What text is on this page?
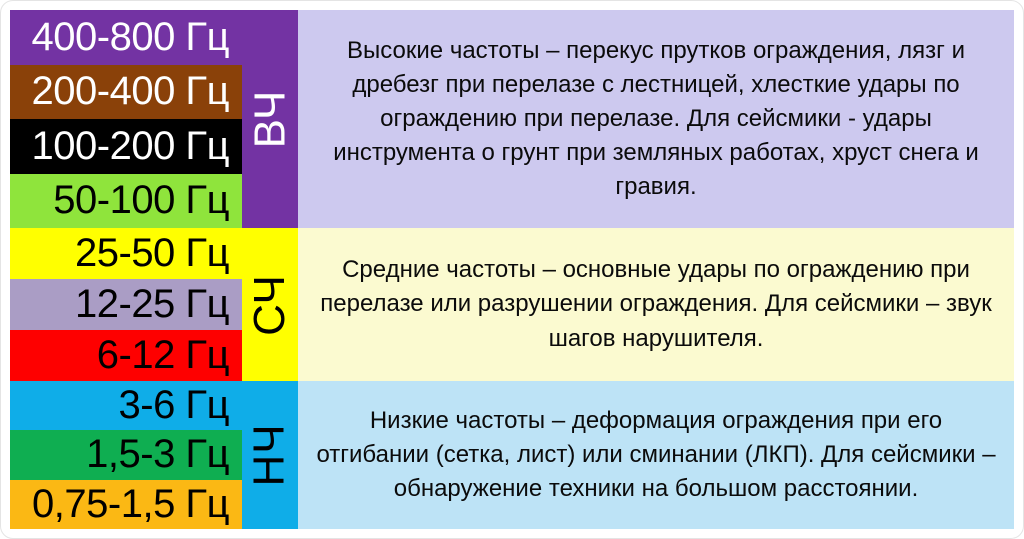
400-800 Гц
200-400 Гц
100-200 Гц
50-100 Гц
ВЧ

Высокие частоты – перекус прутков ограждения, лязг и дребезг при перелазе с лестницей, хлесткие удары по ограждению при перелазе. Для сейсмики - удары инструмента о грунт при земляных работах, хруст снега и гравия.

25-50 Гц
12-25 Гц
6-12 Гц
СЧ

Средние частоты – основные удары по ограждению при перелазе или разрушении ограждения. Для сейсмики – звук шагов нарушителя.

3-6 Гц
1,5-3 Гц
0,75-1,5 Гц
НЧ

Низкие частоты – деформация ограждения при его отгибании (сетка, лист) или сминании (ЛКП). Для сейсмики – обнаружение техники на большом расстоянии.
